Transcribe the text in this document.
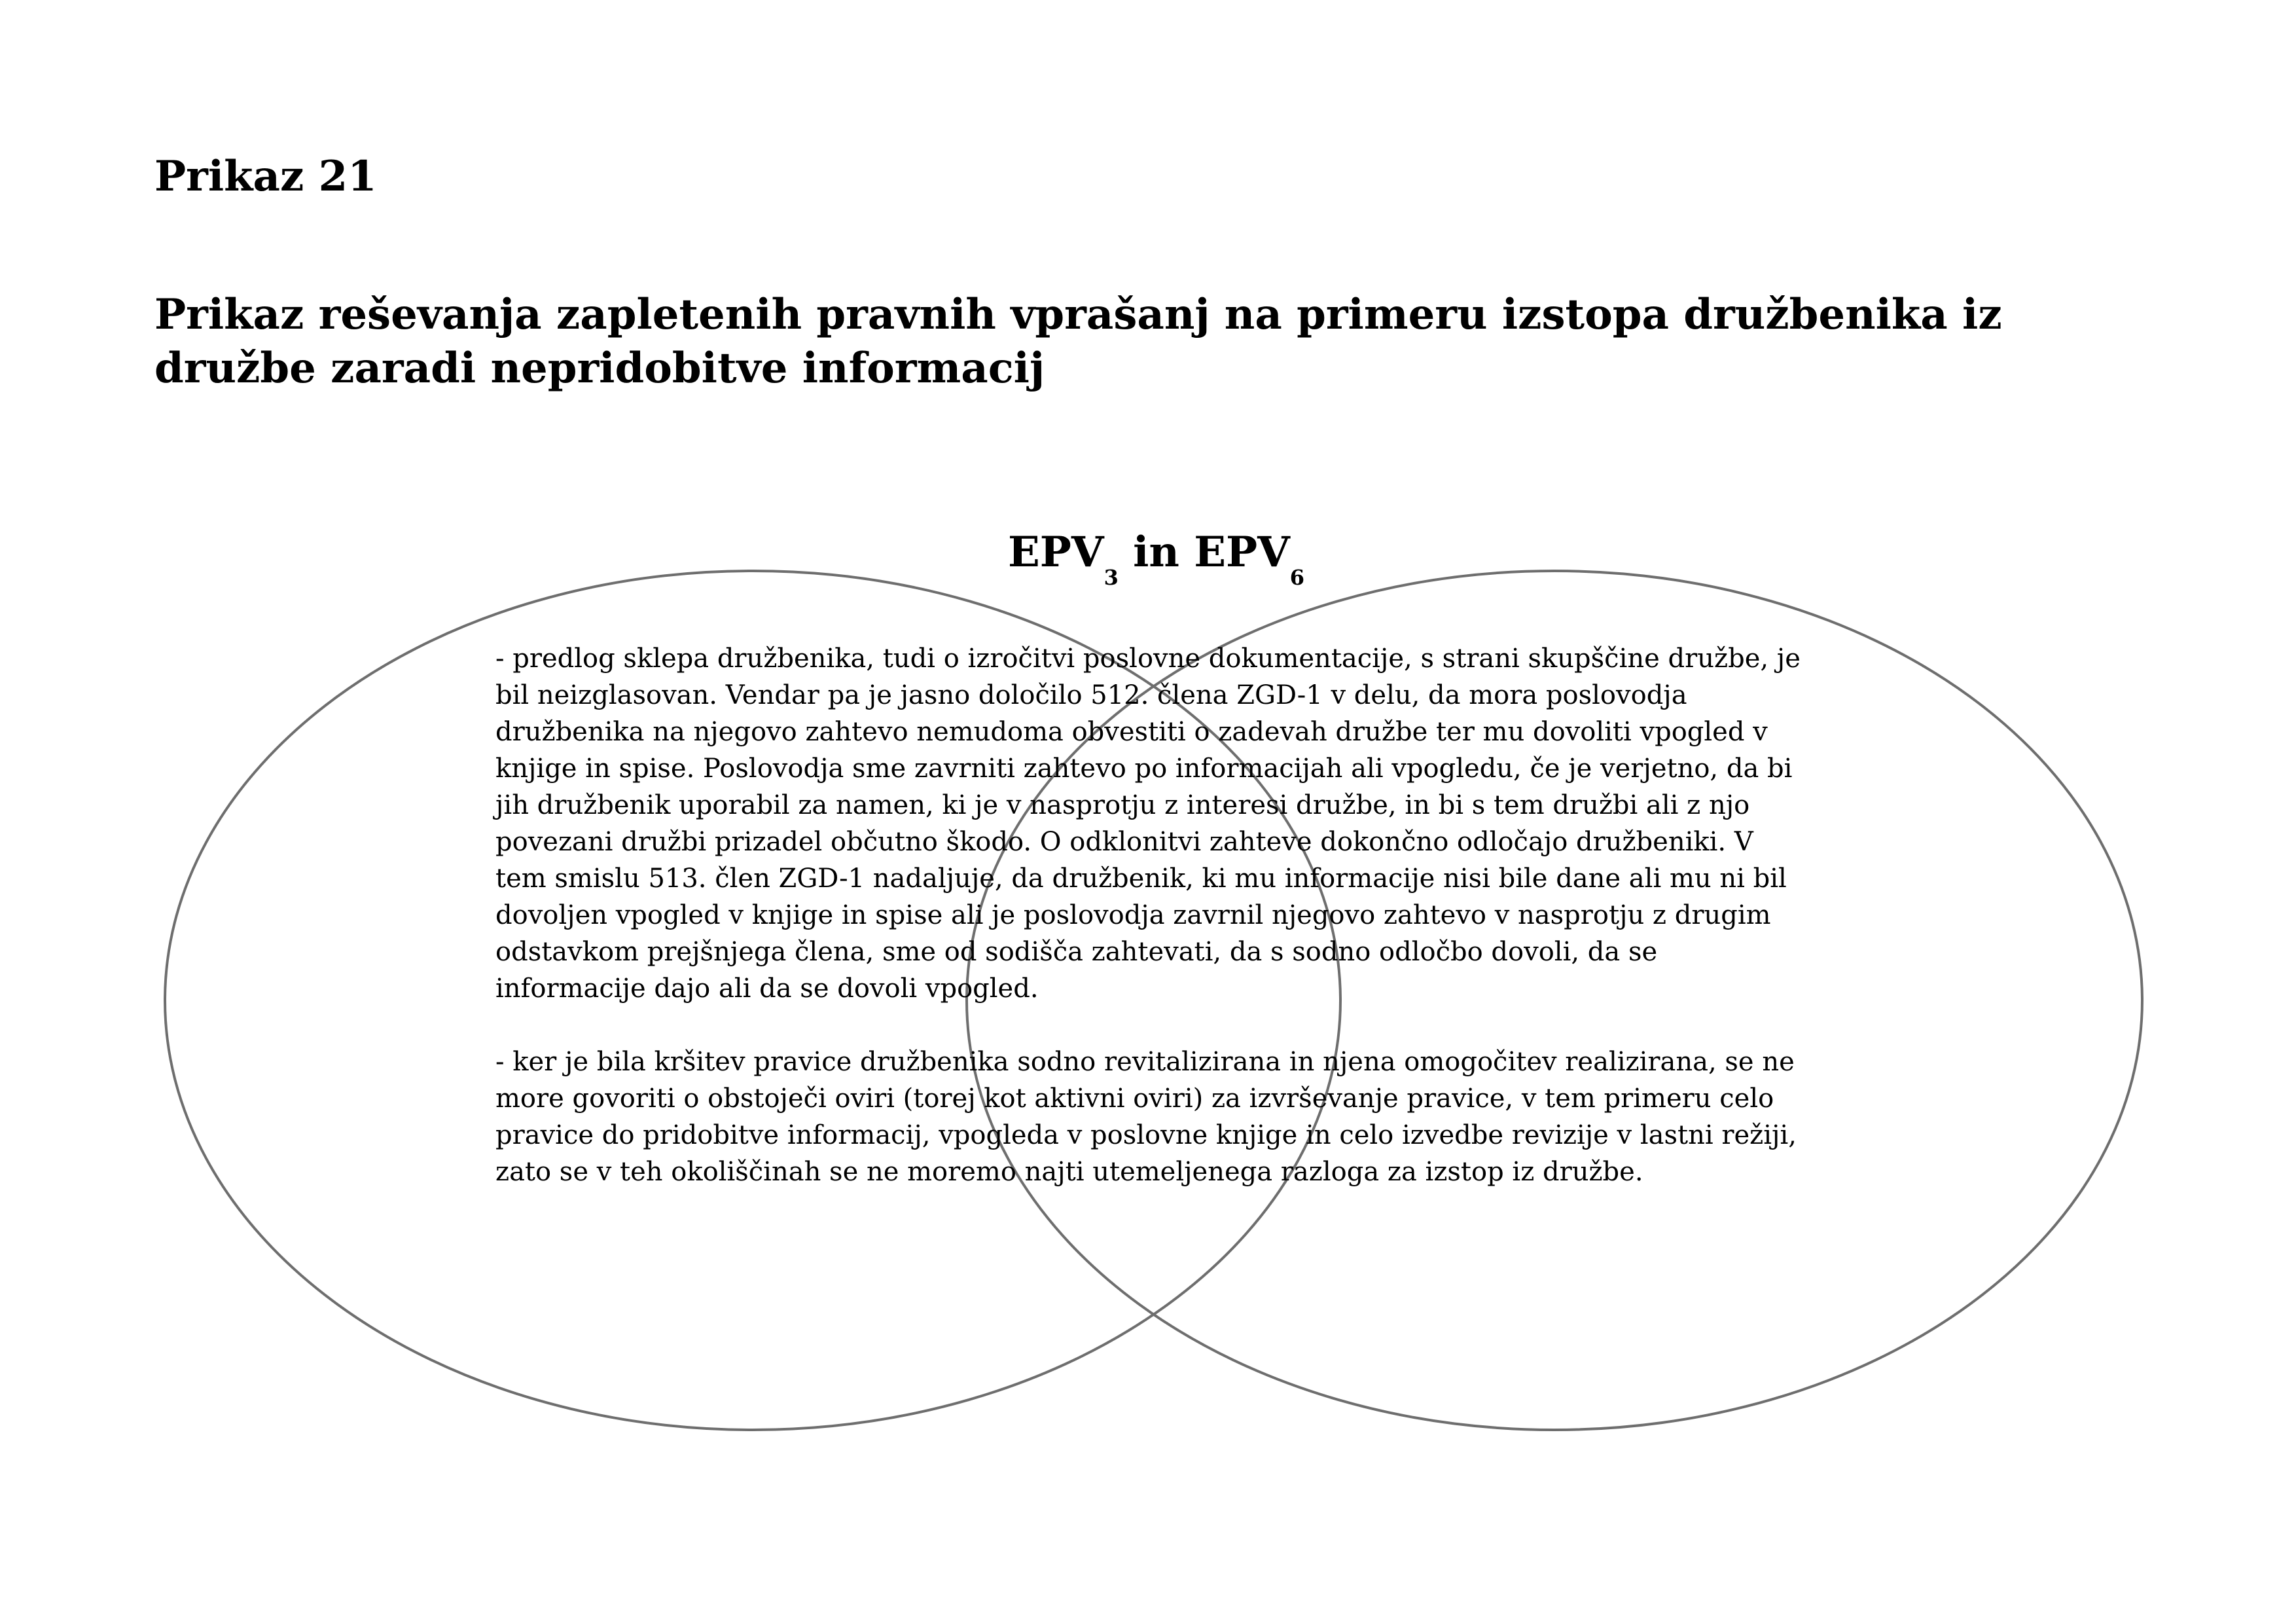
Prikaz 21
Prikaz reševanja zapletenih pravnih vprašanj na primeru izstopa družbenika iz družbe zaradi nepridobitve informacij
$EPV_3$ in $EPV_6$

- predlog sklepa družbenika, tudi o izročitvi poslovne dokumentacije, s strani skupščine družbe, je bil neizglasovan. Vendar pa je jasno določilo 512. člena ZGD-1 v delu, da mora poslovodja družbenika na njegovo zahtevo nemudoma obvestiti o zadevah družbe ter mu dovoliti vpogled v knjige in spise. Poslovodja sme zavrniti zahtevo po informacijah ali vpogledu, če je verjetno, da bi jih družbenik uporabil za namen, ki je v nasprotju z interesi družbe, in bi s tem družbi ali z njo povezani družbi prizadel občutno škodo. O odklonitvi zahteve dokončno odločajo družbeniki. V tem smislu 513. člen ZGD-1 nadaljuje, da družbenik, ki mu informacije nisi bile dane ali mu ni bil dovoljen vpogled v knjige in spise ali je poslovodja zavrnil njegovo zahtevo v nasprotju z drugim odstavkom prejšnjega člena, sme od sodišča zahtevati, da s sodno odločbo dovoli, da se informacije dajo ali da se dovoli vpogled.

- ker je bila kršitev pravice družbenika sodno revitalizirana in njena omogočitev realizirana, se ne more govoriti o obstoječi oviri (torej kot aktivni oviri) za izvrševanje pravice, v tem primeru celo pravice do pridobitve informacij, vpogleda v poslovne knjige in celo izvedbe revizije v lastni režiji, zato se v teh okoliščinah se ne moremo najti utemeljenega razloga za izstop iz družbe.
